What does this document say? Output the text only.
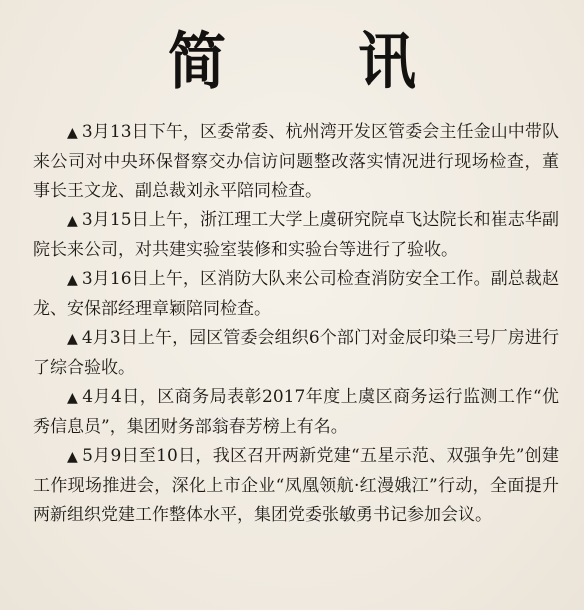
简 讯

▲ 3月13日下午，区委常委、杭州湾开发区管委会主任金山中带队来公司对中央环保督察交办信访问题整改落实情况进行现场检查，董事长王文龙、副总裁刘永平陪同检查。

▲ 3月15日上午，浙江理工大学上虞研究院卓飞达院长和崔志华副院长来公司，对共建实验室装修和实验台等进行了验收。

▲ 3月16日上午，区消防大队来公司检查消防安全工作。副总裁赵龙、安保部经理章颖陪同检查。

▲ 4月3日上午，园区管委会组织6个部门对金辰印染三号厂房进行了综合验收。

▲ 4月4日，区商务局表彰2017年度上虞区商务运行监测工作“优秀信息员”，集团财务部翁春芳榜上有名。

▲ 5月9日至10日，我区召开两新党建“五星示范、双强争先”创建工作现场推进会，深化上市企业“凤凰领航·红漫娥江”行动，全面提升两新组织党建工作整体水平，集团党委张敏勇书记参加会议。
